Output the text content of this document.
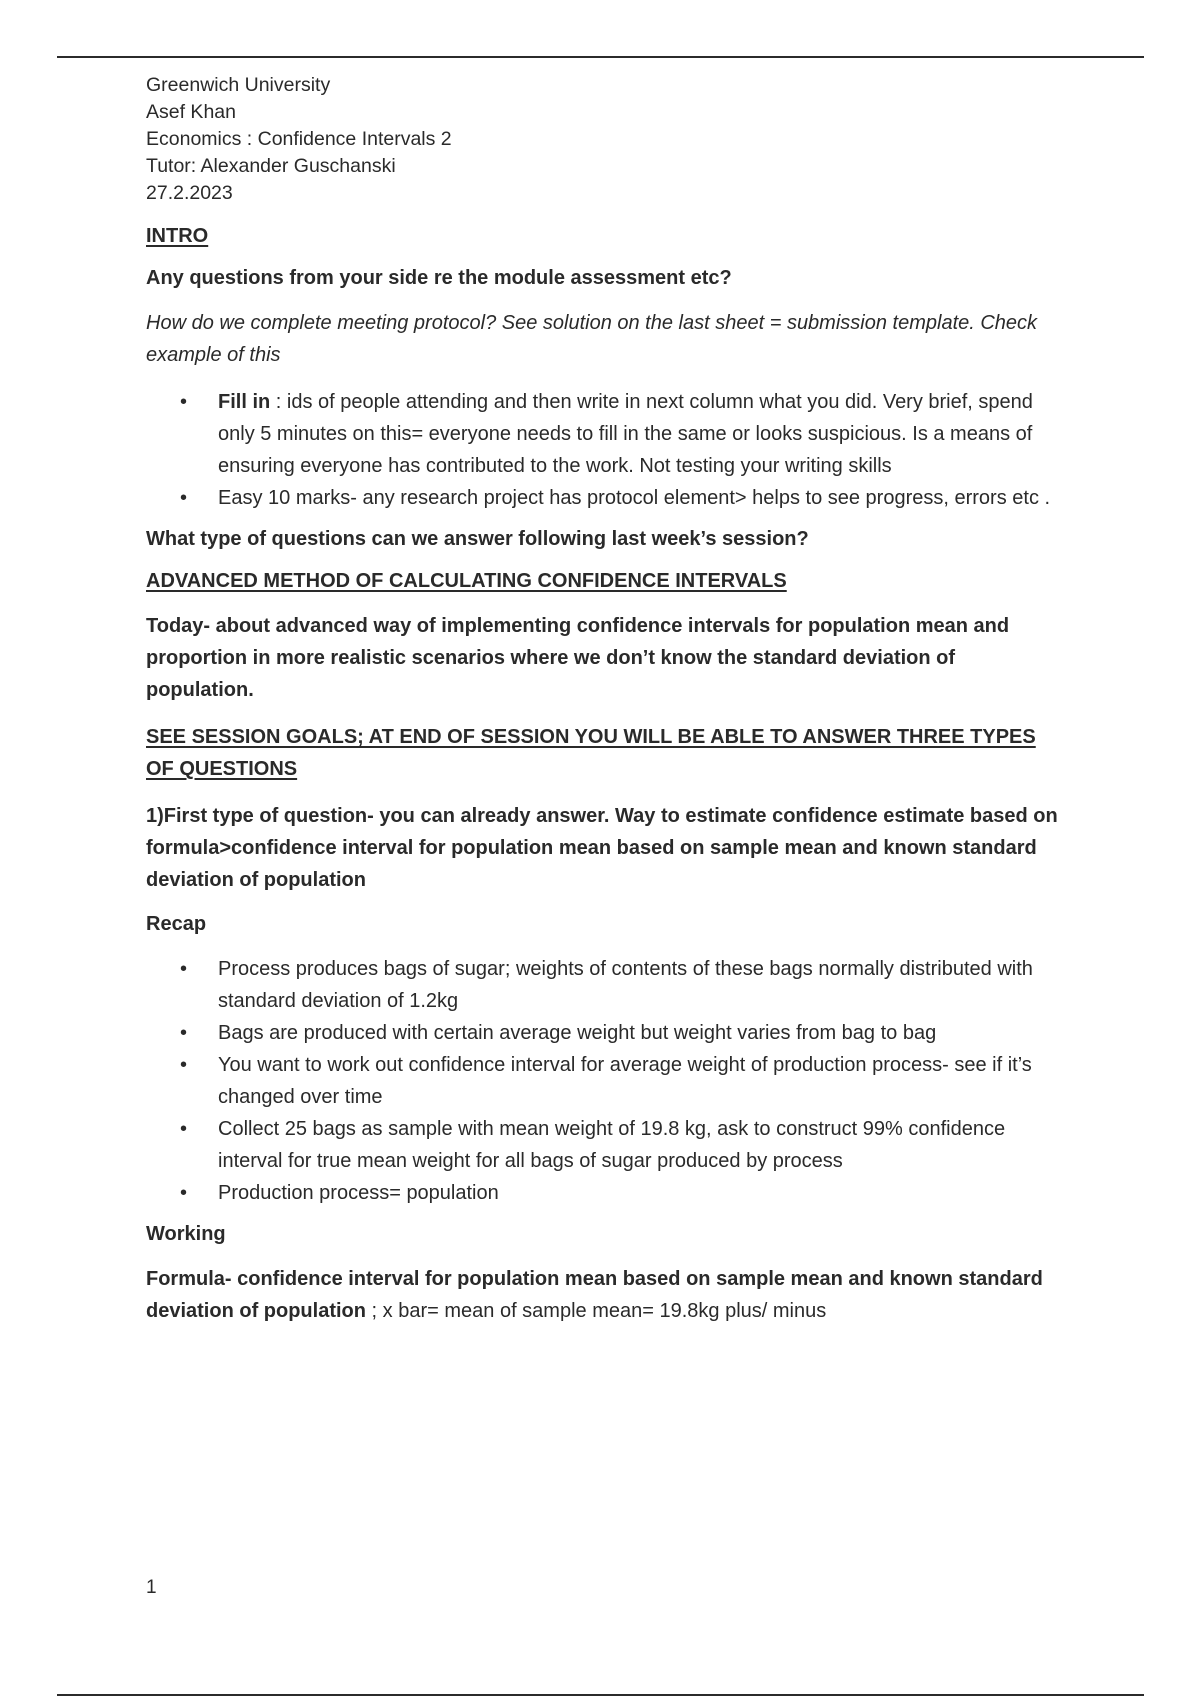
Greenwich University
Asef Khan
Economics : Confidence Intervals 2
Tutor: Alexander Guschanski
27.2.2023

INTRO

Any questions from your side re the module assessment etc?

How do we complete meeting protocol? See solution on the last sheet = submission template. Check example of this

• Fill in : ids of people attending and then write in next column what you did. Very brief, spend only 5 minutes on this= everyone needs to fill in the same or looks suspicious. Is a means of ensuring everyone has contributed to the work. Not testing your writing skills
• Easy 10 marks- any research project has protocol element> helps to see progress, errors etc .

What type of questions can we answer following last week’s session?

ADVANCED METHOD OF CALCULATING CONFIDENCE INTERVALS

Today- about advanced way of implementing confidence intervals for population mean and proportion in more realistic scenarios where we don’t know the standard deviation of population.

SEE SESSION GOALS; AT END OF SESSION YOU WILL BE ABLE TO ANSWER THREE TYPES OF QUESTIONS

1)First type of question- you can already answer. Way to estimate confidence estimate based on formula>confidence interval for population mean based on sample mean and known standard deviation of population

Recap

• Process produces bags of sugar; weights of contents of these bags normally distributed with standard deviation of 1.2kg
• Bags are produced with certain average weight but weight varies from bag to bag
• You want to work out confidence interval for average weight of production process- see if it’s changed over time
• Collect 25 bags as sample with mean weight of 19.8 kg, ask to construct 99% confidence interval for true mean weight for all bags of sugar produced by process
• Production process= population

Working

Formula- confidence interval for population mean based on sample mean and known standard deviation of population ; x bar= mean of sample mean= 19.8kg plus/ minus

1
